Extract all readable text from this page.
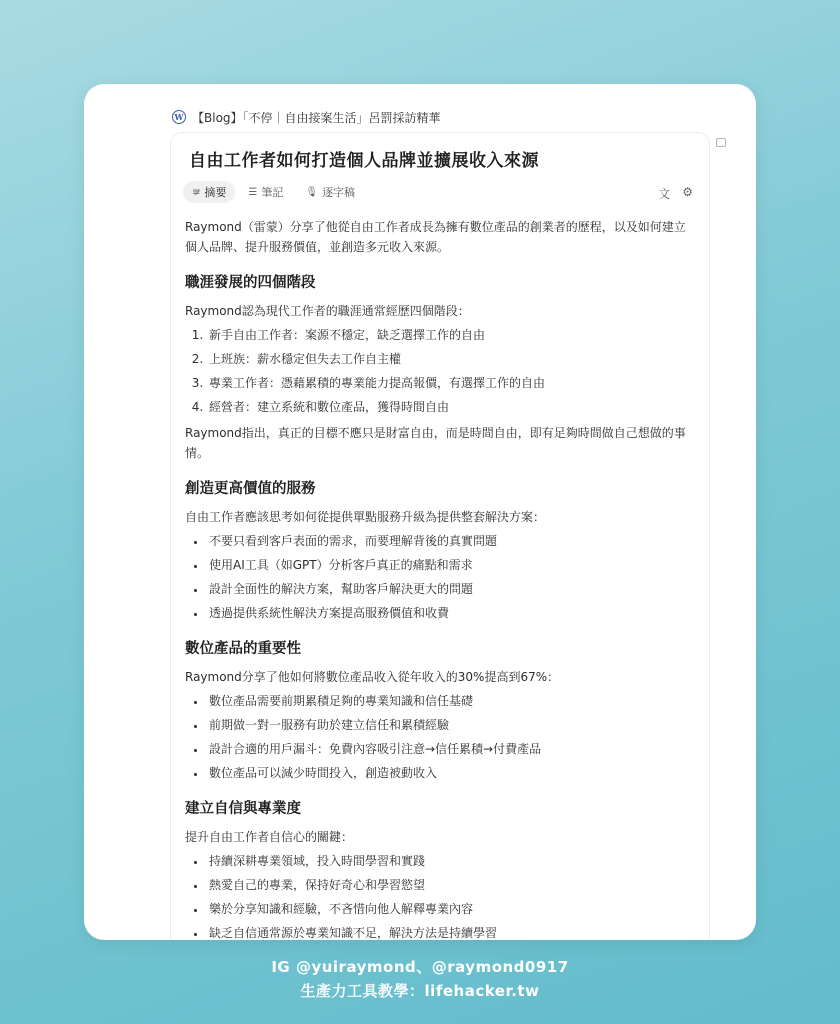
W 【Blog】「不停｜自由接案生活」呂罰採訪精華
自由工作者如何打造個人品牌並擴展收入來源
≡̷ 摘要 ☰ 筆記 🎙 逐字稿	文 ⚙

Raymond（雷蒙）分享了他從自由工作者成長為擁有數位產品的創業者的歷程，以及如何建立個人品牌、提升服務價值，並創造多元收入來源。

職涯發展的四個階段

Raymond認為現代工作者的職涯通常經歷四個階段：

1. 新手自由工作者：案源不穩定，缺乏選擇工作的自由
2. 上班族：薪水穩定但失去工作自主權
3. 專業工作者：憑藉累積的專業能力提高報價，有選擇工作的自由
4. 經營者：建立系統和數位產品，獲得時間自由

Raymond指出，真正的目標不應只是財富自由，而是時間自由，即有足夠時間做自己想做的事情。

創造更高價值的服務

自由工作者應該思考如何從提供單點服務升級為提供整套解決方案：

• 不要只看到客戶表面的需求，而要理解背後的真實問題
• 使用AI工具（如GPT）分析客戶真正的痛點和需求
• 設計全面性的解決方案，幫助客戶解決更大的問題
• 透過提供系統性解決方案提高服務價值和收費
數位產品的重要性

Raymond分享了他如何將數位產品收入從年收入的30%提高到67%：

• 數位產品需要前期累積足夠的專業知識和信任基礎
• 前期做一對一服務有助於建立信任和累積經驗
• 設計合適的用戶漏斗：免費內容吸引注意→信任累積→付費產品
• 數位產品可以減少時間投入，創造被動收入
建立自信與專業度

提升自由工作者自信心的關鍵：

• 持續深耕專業領域，投入時間學習和實踐
• 熱愛自己的專業，保持好奇心和學習慾望
• 樂於分享知識和經驗，不吝惜向他人解釋專業內容
• 缺乏自信通常源於專業知識不足，解決方法是持續學習
IG @yuiraymond、@raymond0917
生產力工具教學：lifehacker.tw
